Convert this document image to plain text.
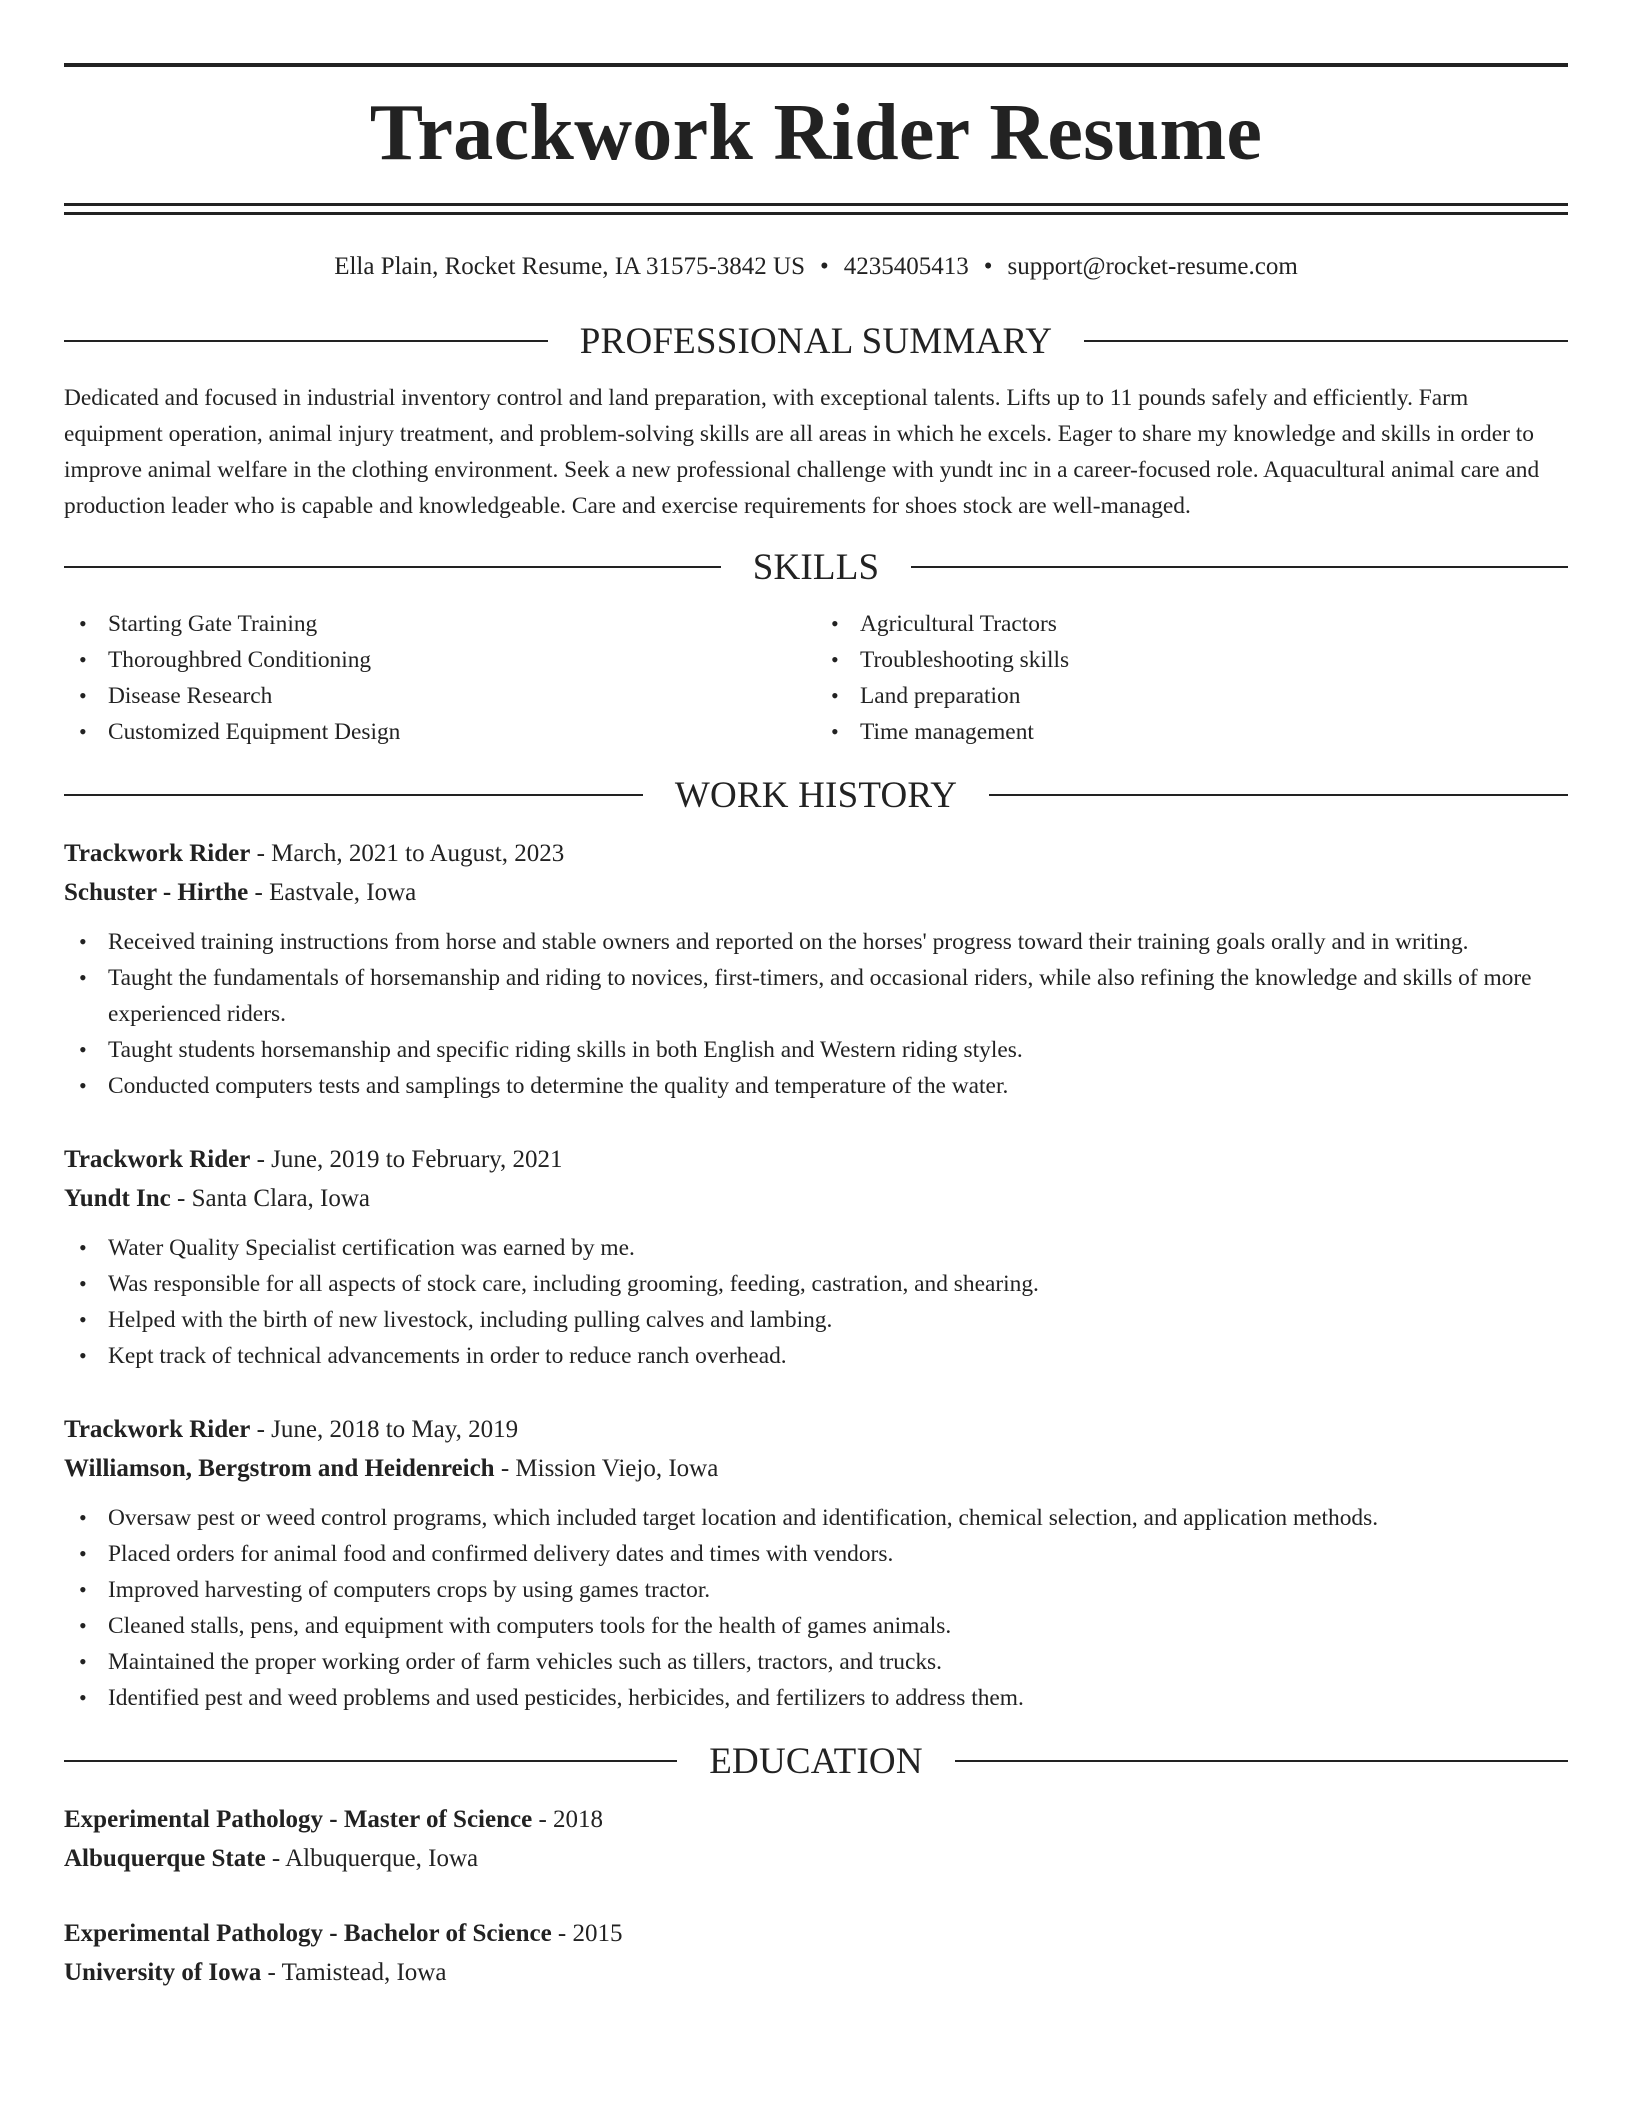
Trackwork Rider Resume
Ella Plain, Rocket Resume, IA 31575-3842 US • 4235405413 • support@rocket-resume.com
PROFESSIONAL SUMMARY

Dedicated and focused in industrial inventory control and land preparation, with exceptional talents. Lifts up to 11 pounds safely and efficiently. Farm equipment operation, animal injury treatment, and problem-solving skills are all areas in which he excels. Eager to share my knowledge and skills in order to improve animal welfare in the clothing environment. Seek a new professional challenge with yundt inc in a career-focused role. Aquacultural animal care and production leader who is capable and knowledgeable. Care and exercise requirements for shoes stock are well-managed.

SKILLS
• Starting Gate Training
• Thoroughbred Conditioning
• Disease Research
• Customized Equipment Design
• Agricultural Tractors
• Troubleshooting skills
• Land preparation
• Time management
WORK HISTORY
Trackwork Rider - March, 2021 to August, 2023
Schuster - Hirthe - Eastvale, Iowa
• Received training instructions from horse and stable owners and reported on the horses' progress toward their training goals orally and in writing.
• Taught the fundamentals of horsemanship and riding to novices, first-timers, and occasional riders, while also refining the knowledge and skills of more experienced riders.
• Taught students horsemanship and specific riding skills in both English and Western riding styles.
• Conducted computers tests and samplings to determine the quality and temperature of the water.
Trackwork Rider - June, 2019 to February, 2021
Yundt Inc - Santa Clara, Iowa
• Water Quality Specialist certification was earned by me.
• Was responsible for all aspects of stock care, including grooming, feeding, castration, and shearing.
• Helped with the birth of new livestock, including pulling calves and lambing.
• Kept track of technical advancements in order to reduce ranch overhead.
Trackwork Rider - June, 2018 to May, 2019
Williamson, Bergstrom and Heidenreich - Mission Viejo, Iowa
• Oversaw pest or weed control programs, which included target location and identification, chemical selection, and application methods.
• Placed orders for animal food and confirmed delivery dates and times with vendors.
• Improved harvesting of computers crops by using games tractor.
• Cleaned stalls, pens, and equipment with computers tools for the health of games animals.
• Maintained the proper working order of farm vehicles such as tillers, tractors, and trucks.
• Identified pest and weed problems and used pesticides, herbicides, and fertilizers to address them.
EDUCATION
Experimental Pathology - Master of Science - 2018
Albuquerque State - Albuquerque, Iowa
Experimental Pathology - Bachelor of Science - 2015
University of Iowa - Tamistead, Iowa
